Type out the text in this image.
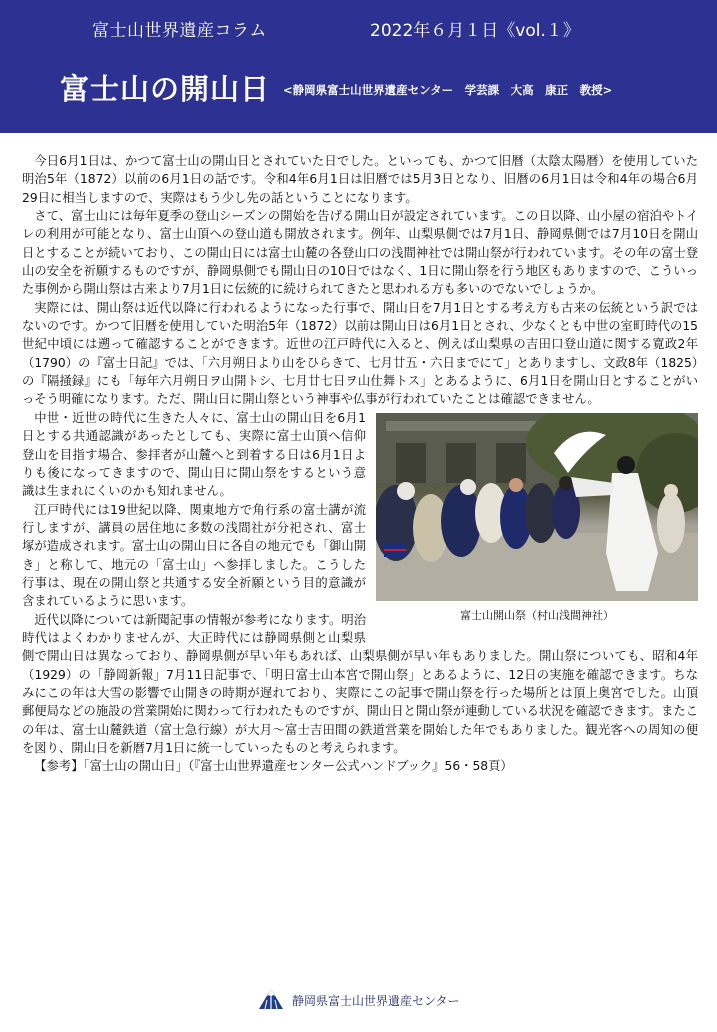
富士山世界遺産コラム	2022年６月１日《vol.１》
富士山の開山日 <静岡県富士山世界遺産センター　学芸課　大高　康正　教授>

今日6月1日は、かつて富士山の開山日とされていた日でした。といっても、かつて旧暦（太陰太陽暦）を使用していた明治5年（1872）以前の6月1日の話です。令和4年6月1日は旧暦では5月3日となり、旧暦の6月1日は令和4年の場合6月29日に相当しますので、実際はもう少し先の話ということになります。

さて、富士山には毎年夏季の登山シーズンの開始を告げる開山日が設定されています。この日以降、山小屋の宿泊やトイレの利用が可能となり、富士山頂への登山道も開放されます。例年、山梨県側では7月1日、静岡県側では7月10日を開山日とすることが続いており、この開山日には富士山麓の各登山口の浅間神社では開山祭が行われています。その年の富士登山の安全を祈願するものですが、静岡県側でも開山日の10日ではなく、1日に開山祭を行う地区もありますので、こういった事例から開山祭は古来より7月1日に伝統的に続けられてきたと思われる方も多いのでないでしょうか。

実際には、開山祭は近代以降に行われるようになった行事で、開山日を7月1日とする考え方も古来の伝統という訳ではないのです。かつて旧暦を使用していた明治5年（1872）以前は開山日は6月1日とされ、少なくとも中世の室町時代の15世紀中頃には遡って確認することができます。近世の江戸時代に入ると、例えば山梨県の吉田口登山道に関する寛政2年（1790）の『富士日記』では、「六月朔日より山をひらきて、七月廿五・六日までにて」とありますし、文政8年（1825）の『隔掻録』にも「毎年六月朔日ヲ山開トシ、七月廿七日ヲ山仕舞トス」とあるように、6月1日を開山日とすることがいっそう明確になります。ただ、開山日に開山祭という神事や仏事が行われていたことは確認できません。

富士山開山祭（村山浅間神社）

中世・近世の時代に生きた人々に、富士山の開山日を6月1日とする共通認識があったとしても、実際に富士山頂へ信仰登山を目指す場合、参拝者が山麓へと到着する日は6月1日よりも後になってきますので、開山日に開山祭をするという意識は生まれにくいのかも知れません。

江戸時代には19世紀以降、関東地方で角行系の富士講が流行しますが、講員の居住地に多数の浅間社が分祀され、富士塚が造成されます。富士山の開山日に各自の地元でも「御山開き」と称して、地元の「富士山」へ参拝しました。こうした行事は、現在の開山祭と共通する安全祈願という目的意識が含まれているように思います。

近代以降については新聞記事の情報が参考になります。明治時代はよくわかりませんが、大正時代には静岡県側と山梨県側で開山日は異なっており、静岡県側が早い年もあれば、山梨県側が早い年もありました。開山祭についても、昭和4年（1929）の「静岡新報」7月11日記事で、「明日富士山本宮で開山祭」とあるように、12日の実施を確認できます。ちなみにこの年は大雪の影響で山開きの時期が遅れており、実際にこの記事で開山祭を行った場所とは頂上奥宮でした。山頂郵便局などの施設の営業開始に関わって行われたものですが、開山日と開山祭が連動している状況を確認できます。またこの年は、富士山麓鉄道（富士急行線）が大月～富士吉田間の鉄道営業を開始した年でもありました。観光客への周知の便を図り、開山日を新暦7月1日に統一していったものと考えられます。

【参考】「富士山の開山日」（『富士山世界遺産センター公式ハンドブック』56・58頁）

静岡県富士山世界遺産センター
